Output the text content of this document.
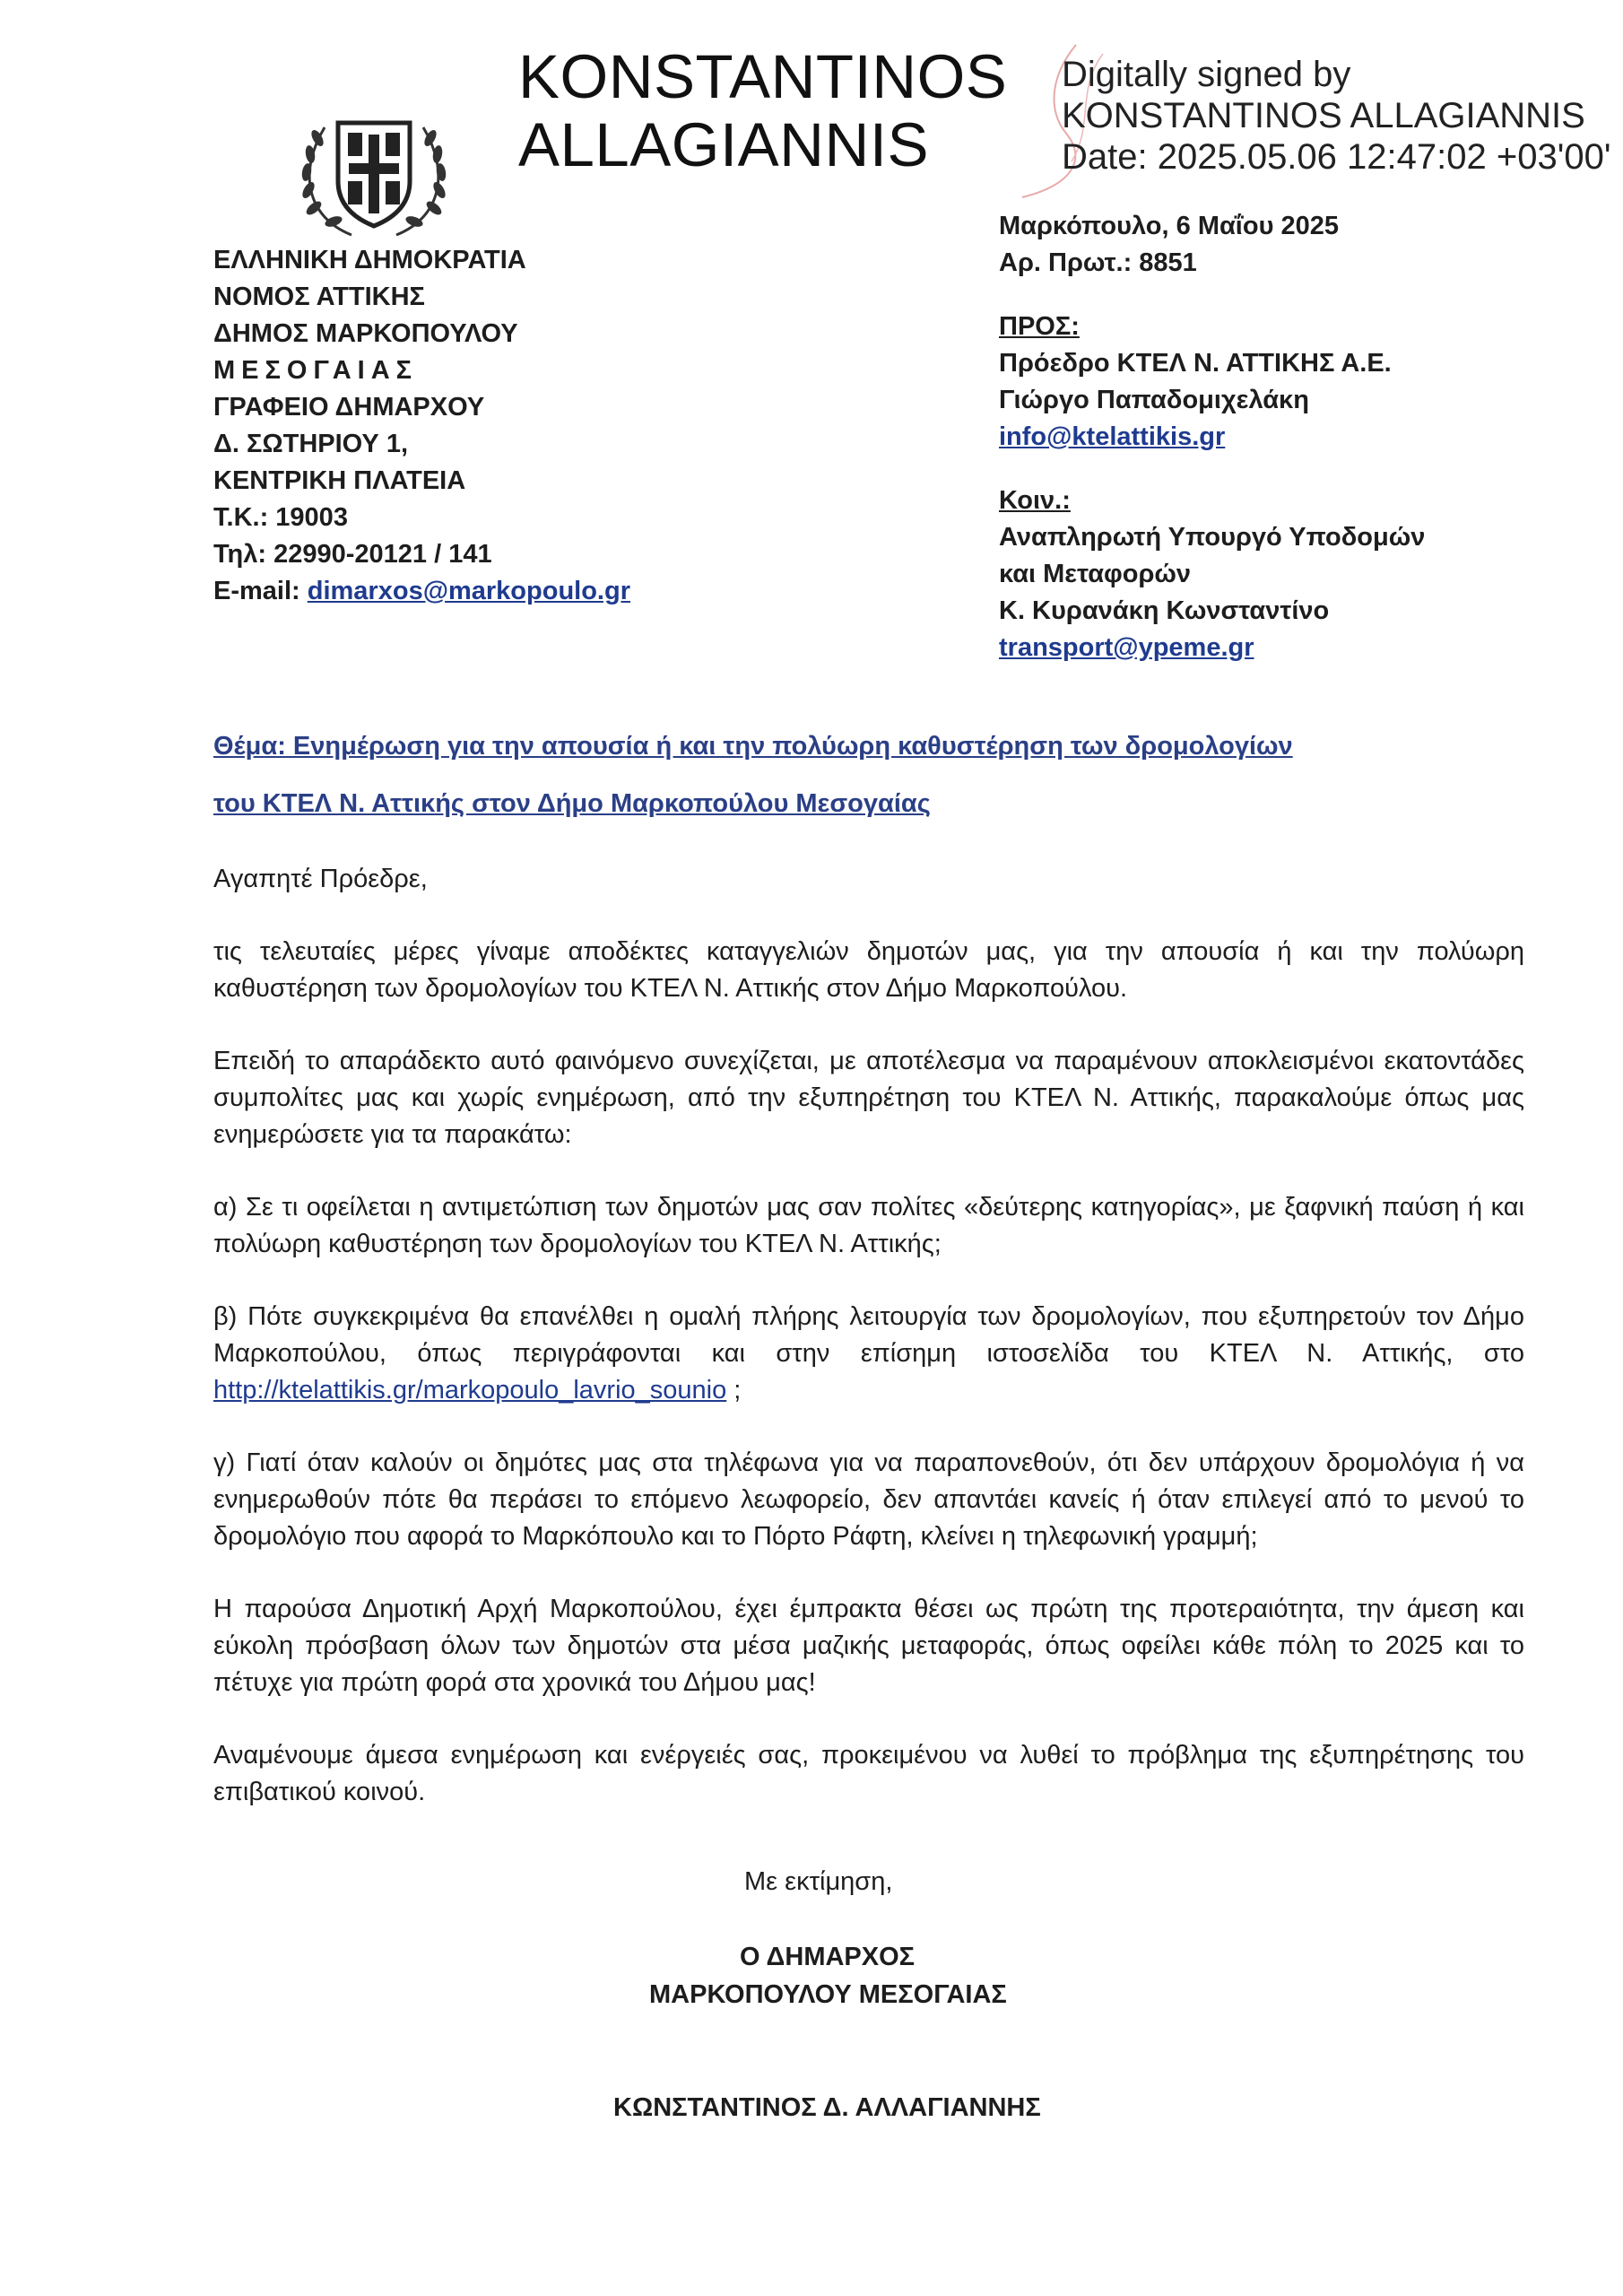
KONSTANTINOS
ALLAGIANNIS
Digitally signed by
KONSTANTINOS ALLAGIANNIS
Date: 2025.05.06 12:47:02 +03'00'
ΕΛΛΗΝΙΚΗ ΔΗΜΟΚΡΑΤΙΑ
ΝΟΜΟΣ ΑΤΤΙΚΗΣ
ΔΗΜΟΣ ΜΑΡΚΟΠΟΥΛΟΥ
ΜΕΣΟΓΑΙΑΣ
ΓΡΑΦΕΙΟ ΔΗΜΑΡΧΟΥ
Δ. ΣΩΤΗΡΙΟΥ 1,
ΚΕΝΤΡΙΚΗ ΠΛΑΤΕΙΑ
Τ.Κ.: 19003
Τηλ: 22990-20121 / 141
E-mail: dimarxos@markopoulo.gr
Μαρκόπουλο, 6 Μαΐου 2025
Αρ. Πρωτ.: 8851
ΠΡΟΣ:
Πρόεδρο ΚΤΕΛ Ν. ΑΤΤΙΚΗΣ Α.Ε.
Γιώργο Παπαδομιχελάκη
info@ktelattikis.gr
Κοιν.:
Αναπληρωτή Υπουργό Υποδομών
και Μεταφορών
Κ. Κυρανάκη Κωνσταντίνο
transport@ypeme.gr
Θέμα: Ενημέρωση για την απουσία ή και την πολύωρη καθυστέρηση των δρομολογίων
του ΚΤΕΛ Ν. Αττικής στον Δήμο Μαρκοπούλου Μεσογαίας

Αγαπητέ Πρόεδρε,

τις τελευταίες μέρες γίναμε αποδέκτες καταγγελιών δημοτών μας, για την απουσία ή και την πολύωρη καθυστέρηση των δρομολογίων του ΚΤΕΛ Ν. Αττικής στον Δήμο Μαρκοπούλου.

Επειδή το απαράδεκτο αυτό φαινόμενο συνεχίζεται, με αποτέλεσμα να παραμένουν αποκλεισμένοι εκατοντάδες συμπολίτες μας και χωρίς ενημέρωση, από την εξυπηρέτηση του ΚΤΕΛ Ν. Αττικής, παρακαλούμε όπως μας ενημερώσετε για τα παρακάτω:

α) Σε τι οφείλεται η αντιμετώπιση των δημοτών μας σαν πολίτες «δεύτερης κατηγορίας», με ξαφνική παύση ή και πολύωρη καθυστέρηση των δρομολογίων του ΚΤΕΛ Ν. Αττικής;

β) Πότε συγκεκριμένα θα επανέλθει η ομαλή πλήρης λειτουργία των δρομολογίων, που εξυπηρετούν τον Δήμο Μαρκοπούλου, όπως περιγράφονται και στην επίσημη ιστοσελίδα του ΚΤΕΛ Ν. Αττικής, στο http://ktelattikis.gr/markopoulo_lavrio_sounio ;

γ) Γιατί όταν καλούν οι δημότες μας στα τηλέφωνα για να παραπονεθούν, ότι δεν υπάρχουν δρομολόγια ή να ενημερωθούν πότε θα περάσει το επόμενο λεωφορείο, δεν απαντάει κανείς ή όταν επιλεγεί από το μενού το δρομολόγιο που αφορά το Μαρκόπουλο και το Πόρτο Ράφτη, κλείνει η τηλεφωνική γραμμή;

Η παρούσα Δημοτική Αρχή Μαρκοπούλου, έχει έμπρακτα θέσει ως πρώτη της προτεραιότητα, την άμεση και εύκολη πρόσβαση όλων των δημοτών στα μέσα μαζικής μεταφοράς, όπως οφείλει κάθε πόλη το 2025 και το πέτυχε για πρώτη φορά στα χρονικά του Δήμου μας!

Αναμένουμε άμεσα ενημέρωση και ενέργειές σας, προκειμένου να λυθεί το πρόβλημα της εξυπηρέτησης του επιβατικού κοινού.

Με εκτίμηση,
Ο ΔΗΜΑΡΧΟΣ
ΜΑΡΚΟΠΟΥΛΟΥ ΜΕΣΟΓΑΙΑΣ
ΚΩΝΣΤΑΝΤΙΝΟΣ Δ. ΑΛΛΑΓΙΑΝΝΗΣ
